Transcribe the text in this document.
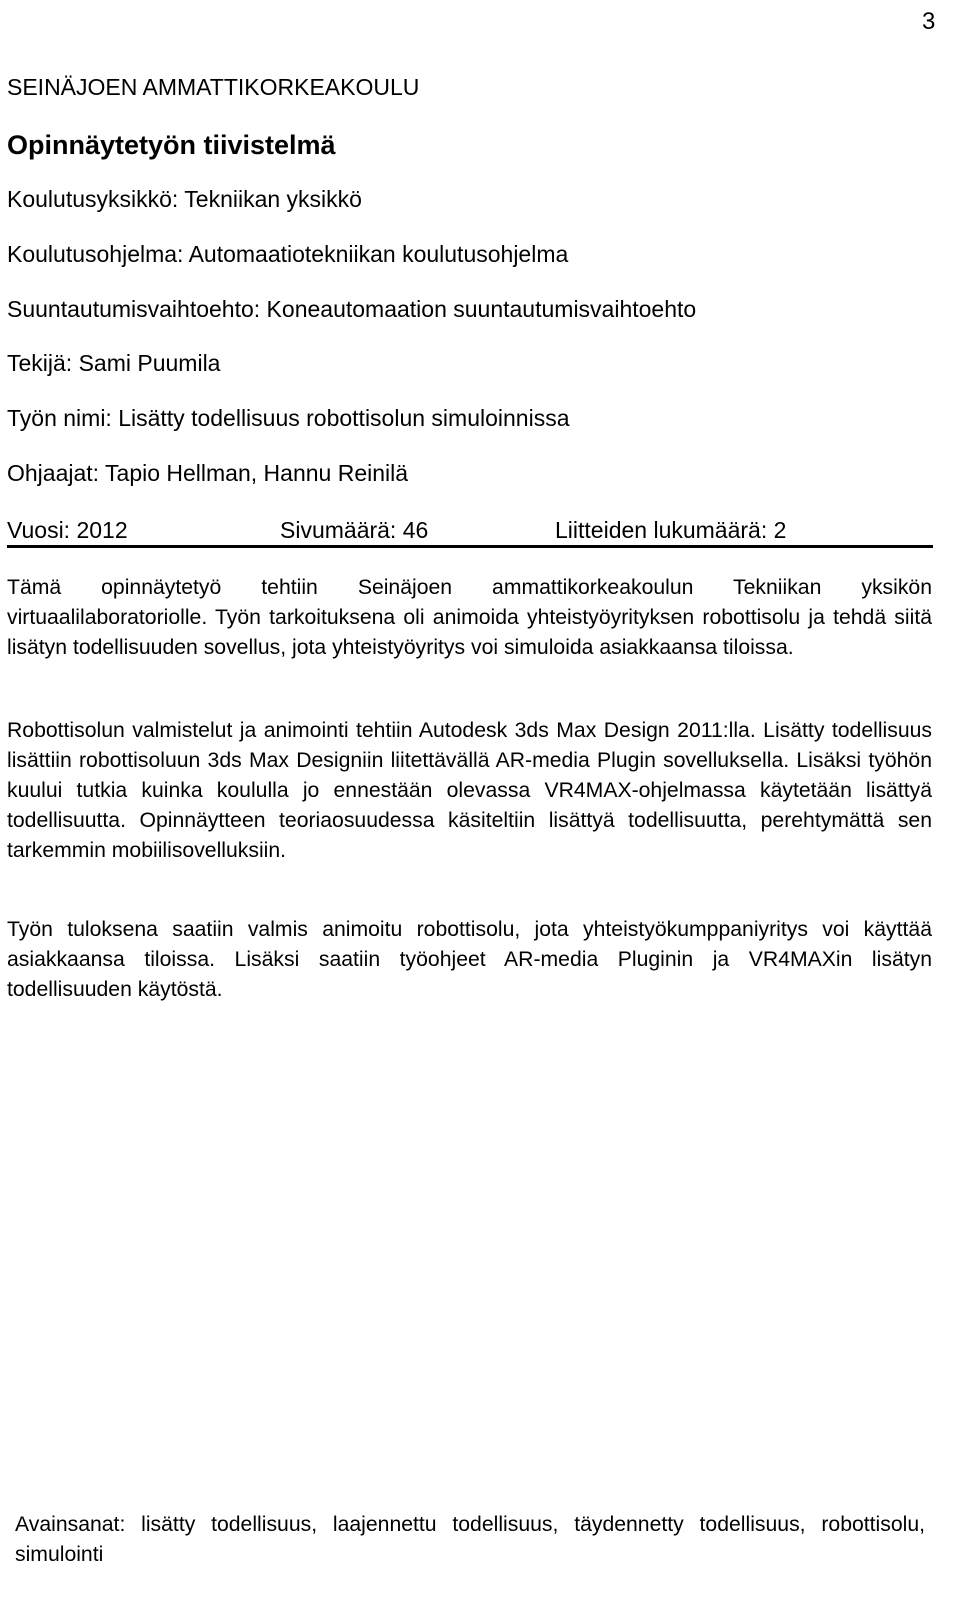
3
SEINÄJOEN AMMATTIKORKEAKOULU
Opinnäytetyön tiivistelmä
Koulutusyksikkö: Tekniikan yksikkö
Koulutusohjelma: Automaatiotekniikan koulutusohjelma
Suuntautumisvaihtoehto: Koneautomaation suuntautumisvaihtoehto
Tekijä: Sami Puumila
Työn nimi: Lisätty todellisuus robottisolun simuloinnissa
Ohjaajat: Tapio Hellman, Hannu Reinilä
Vuosi: 2012	Sivumäärä: 46	Liitteiden lukumäärä: 2

Tämä opinnäytetyö tehtiin Seinäjoen ammattikorkeakoulun Tekniikan yksikön virtuaalilaboratoriolle. Työn tarkoituksena oli animoida yhteistyöyrityksen robottisolu ja tehdä siitä lisätyn todellisuuden sovellus, jota yhteistyöyritys voi simuloida asiakkaansa tiloissa.

Robottisolun valmistelut ja animointi tehtiin Autodesk 3ds Max Design 2011:lla. Lisätty todellisuus lisättiin robottisoluun 3ds Max Designiin liitettävällä AR-media Plugin sovelluksella. Lisäksi työhön kuului tutkia kuinka koululla jo ennestään olevassa VR4MAX-ohjelmassa käytetään lisättyä todellisuutta. Opinnäytteen teoriaosuudessa käsiteltiin lisättyä todellisuutta, perehtymättä sen tarkemmin mobiilisovelluksiin.

Työn tuloksena saatiin valmis animoitu robottisolu, jota yhteistyökumppaniyritys voi käyttää asiakkaansa tiloissa. Lisäksi saatiin työohjeet AR-media Pluginin ja VR4MAXin lisätyn todellisuuden käytöstä.

Avainsanat: lisätty todellisuus, laajennettu todellisuus, täydennetty todellisuus, robottisolu, simulointi
